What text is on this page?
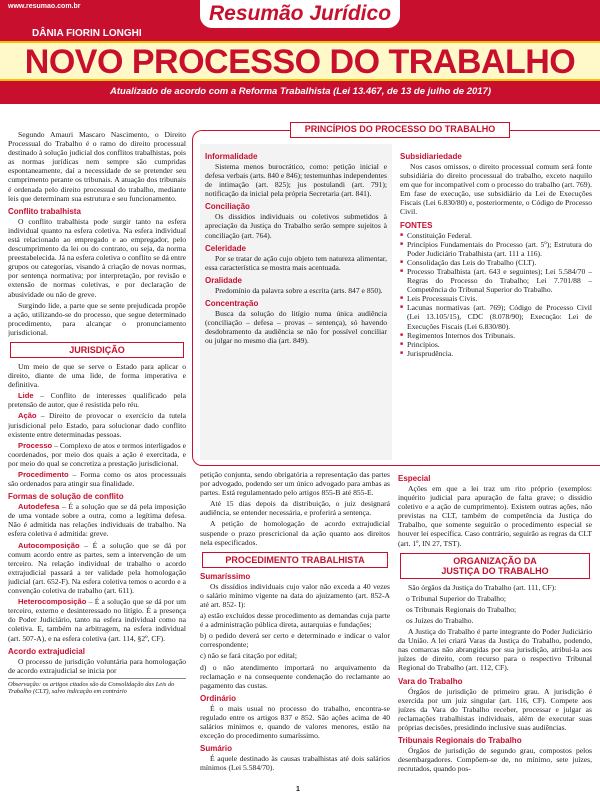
www.resumao.com.br	Resumão Jurídico
DÂNIA FIORIN LONGHI
NOVO PROCESSO DO TRABALHO
Atualizado de acordo com a Reforma Trabalhista (Lei 13.467, de 13 de julho de 2017)

Segundo Amauri Mascaro Nascimento, o Direito Processual do Trabalho é o ramo do direito processual destinado à solução judicial dos conflitos trabalhistas, pois as normas jurídicas nem sempre são cumpridas espontaneamente, daí a necessidade de se pretender seu cumprimento perante os tribunais. A atuação dos tribunais é ordenada pelo direito processual do trabalho, mediante leis que determinam sua estrutura e seu funcionamento.

Conflito trabalhista

O conflito trabalhista pode surgir tanto na esfera individual quanto na esfera coletiva. Na esfera individual está relacionado ao empregado e ao empregador, pelo descumprimento da lei ou do contrato, ou seja, da norma preestabelecida. Já na esfera coletiva o conflito se dá entre grupos ou categorias, visando à criação de novas normas, por sentença normativa; por interpretação, por revisão e extensão de normas coletivas, e por declaração de abusividade ou não de greve.

Surgindo lide, a parte que se sente prejudicada propõe a ação, utilizando-se do processo, que segue determinado procedimento, para alcançar o pronunciamento jurisdicional.

JURISDIÇÃO

Um meio de que se serve o Estado para aplicar o direito, diante de uma lide, de forma imperativa e definitiva.

Lide – Conflito de interesses qualificado pela pretensão de autor, que é resistida pelo réu.

Ação – Direito de provocar o exercício da tutela jurisdicional pelo Estado, para solucionar dado conflito existente entre determinadas pessoas.

Processo – Complexo de atos e termos interligados e coordenados, por meio dos quais a ação é exercitada, e por meio do qual se concretiza a prestação jurisdicional.

Procedimento – Forma como os atos processuais são ordenados para atingir sua finalidade.

Formas de solução de conflito

Autodefesa – É a solução que se dá pela imposição de uma vontade sobre a outra, como a legítima defesa. Não é admitida nas relações individuais de trabalho. Na esfera coletiva é admitida: greve.

Autocomposição – É a solução que se dá por comum acordo entre as partes, sem a intervenção de um terceiro. Na relação individual de trabalho o acordo extrajudicial passará a ter validade pela homologação judicial (art. 652-F). Na esfera coletiva temos o acordo e a convenção coletiva de trabalho (art. 611).

Heterocomposição – É a solução que se dá por um terceiro, externo e desinteressado no litígio. É a presença do Poder Judiciário, tanto na esfera individual como na coletiva. E, também na arbitragem, na esfera individual (art. 507-A), e na esfera coletiva (art. 114, §2º, CF).

Acordo extrajudicial

O processo de jurisdição voluntária para homologação de acordo extrajudicial se inicia por

Observação: os artigos citados são da Consolidação das Leis do Trabalho (CLT), salvo indicação em contrário
PRINCÍPIOS DO PROCESSO DO TRABALHO
Informalidade

Sistema menos burocrático, como: petição inicial e defesa verbais (arts. 840 e 846); testemunhas independentes de intimação (art. 825); jus postulandi (art. 791); notificação da inicial pela própria Secretaria (art. 841).

Conciliação

Os dissídios individuais ou coletivos submetidos à apreciação da Justiça do Trabalho serão sempre sujeitos à conciliação (art. 764).

Celeridade

Por se tratar de ação cujo objeto tem natureza alimentar, essa característica se mostra mais acentuada.

Oralidade

Predomínio da palavra sobre a escrita (arts. 847 e 850).

Concentração

Busca da solução do litígio numa única audiência (conciliação – defesa – provas – sentença), só havendo desdobramento da audiência se não for possível conciliar ou julgar no mesmo dia (art. 849).

Subsidiariedade

Nos casos omissos, o direito processual comum será fonte subsidiária do direito processual do trabalho, exceto naquilo em que for incompatível com o processo do trabalho (art. 769). Em fase de execução, use subsidiário da Lei de Execuções Fiscais (Lei 6.830/80) e, posteriormente, o Código de Processo Civil.

FONTES
■ Constituição Federal.
■ Princípios Fundamentais do Processo (art. 5º); Estrutura do Poder Judiciário Trabalhista (art. 111 a 116).
■ Consolidação das Leis do Trabalho (CLT).
■ Processo Trabalhista (art. 643 e seguintes); Lei 5.584/70 – Regras do Processo do Trabalho; Lei 7.701/88 – Competência do Tribunal Superior do Trabalho.
■ Leis Processuais Civis.
■ Lacunas normativas (art. 769); Código de Processo Civil (Lei 13.105/15), CDC (8.078/90); Execução: Lei de Execuções Fiscais (Lei 6.830/80).
■ Regimentos Internos dos Tribunais.
■ Princípios.
■ Jurisprudência.

petição conjunta, sendo obrigatória a representação das partes por advogado, podendo ser um único advogado para ambas as partes. Está regulamentado pelo artigos 855-B até 855-E.

Até 15 dias depois da distribuição, o juiz designará audiência, se entender necessária, e proferirá a sentença.

A petição de homologação de acordo extrajudicial suspende o prazo prescricional da ação quanto aos direitos nela especificados.

PROCEDIMENTO TRABALHISTA
Sumaríssimo

Os dissídios individuais cujo valor não exceda a 40 vezes o salário mínimo vigente na data do ajuizamento (art. 852-A até art. 852- I):

a) estão excluídos desse procedimento as demandas cuja parte é a administração pública direta, autarquias e fundações;

b) o pedido deverá ser certo e determinado e indicar o valor correspondente;

c) não se fará citação por edital;

d) o não atendimento importará no arquivamento da reclamação e na consequente condenação do reclamante ao pagamento das custas.

Ordinário

É o mais usual no processo do trabalho, encontra-se regulado entre os artigos 837 e 852. São ações acima de 40 salários mínimos e, quando de valores menores, estão na exceção do procedimento sumaríssimo.

Sumário

É aquele destinado às causas trabalhistas até dois salários mínimos (Lei 5.584/70).

Especial

Ações em que a lei traz um rito próprio (exemplos: inquérito judicial para apuração de falta grave; o dissídio coletivo e a ação de cumprimento). Existem outras ações, não previstas na CLT, também de competência da Justiça do Trabalho, que somente seguirão o procedimento especial se houver lei específica. Caso contrário, seguirão as regras da CLT (art. 1º, IN 27, TST).

ORGANIZAÇÃO DA
JUSTIÇA DO TRABALHO

São órgãos da Justiça do Trabalho (art. 111, CF):

o Tribunal Superior do Trabalho;

os Tribunais Regionais do Trabalho;

os Juízes do Trabalho.

A Justiça do Trabalho é parte integrante do Poder Judiciário da União. A lei criará Varas da Justiça do Trabalho, podendo, nas comarcas não abrangidas por sua jurisdição, atribuí-la aos juízes de direito, com recurso para o respectivo Tribunal Regional do Trabalho (art. 112, CF).

Vara do Trabalho

Órgãos de jurisdição de primeiro grau. A jurisdição é exercida por um juiz singular (art. 116, CF). Compete aos juízes da Vara do Trabalho receber, processar e julgar as reclamações trabalhistas individuais, além de executar suas próprias decisões, presidindo inclusive suas audiências.

Tribunais Regionais do Trabalho

Órgãos de jurisdição de segundo grau, compostos pelos desembargadores. Compõem-se de, no mínimo, sete juízes, recrutados, quando pos-

1
